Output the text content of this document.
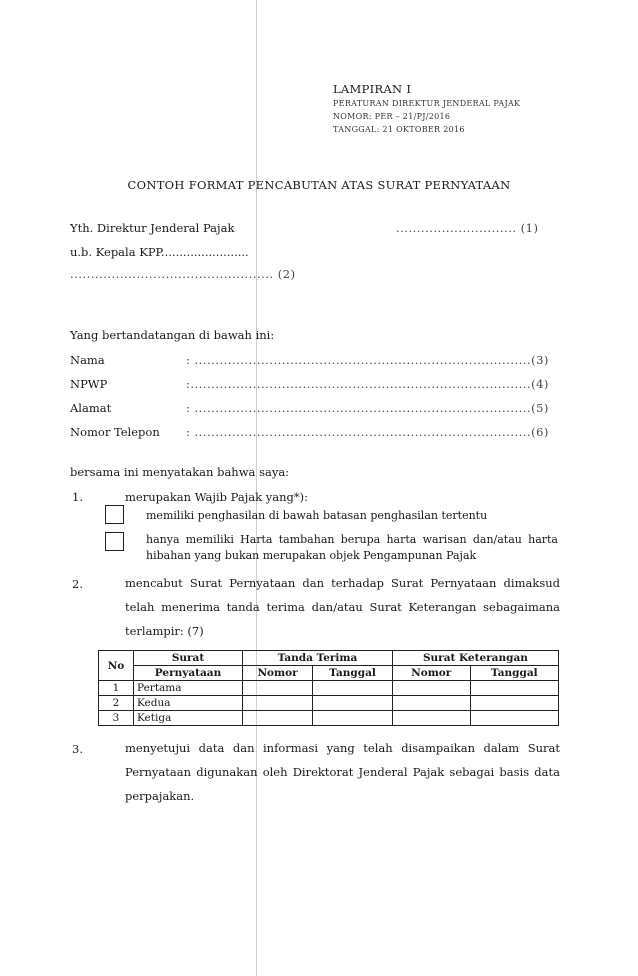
LAMPIRAN I
PERATURAN DIREKTUR JENDERAL PAJAK
NOMOR: PER – 21/PJ/2016
TANGGAL: 21 OKTOBER 2016
CONTOH FORMAT PENCABUTAN ATAS SURAT PERNYATAAN
Yth. Direktur Jenderal Pajak	............................. (1)
u.b. Kepala KPP........................
................................................. (2)
Yang bertandatangan di bawah ini:
Nama	: .................................................................................(3)
NPWP	:..................................................................................(4)
Alamat	: .................................................................................(5)
Nomor Telepon : .................................................................................(6)
bersama ini menyatakan bahwa saya:
1.	merupakan Wajib Pajak yang*):
memiliki penghasilan di bawah batasan penghasilan tertentu
hanya memiliki Harta tambahan berupa harta warisan dan/atau harta hibahan yang bukan merupakan objek Pengampunan Pajak
2.	mencabut Surat Pernyataan dan terhadap Surat Pernyataan dimaksud telah menerima tanda terima dan/atau Surat Keterangan sebagaimana terlampir: (7)
No	Surat	Tanda Terima		Surat Keterangan	
	Pernyataan	Nomor	Tanggal	Nomor	Tanggal
1	Pertama				
2	Kedua				
3	Ketiga				
3.	menyetujui data dan informasi yang telah disampaikan dalam Surat Pernyataan digunakan oleh Direktorat Jenderal Pajak sebagai basis data perpajakan.
